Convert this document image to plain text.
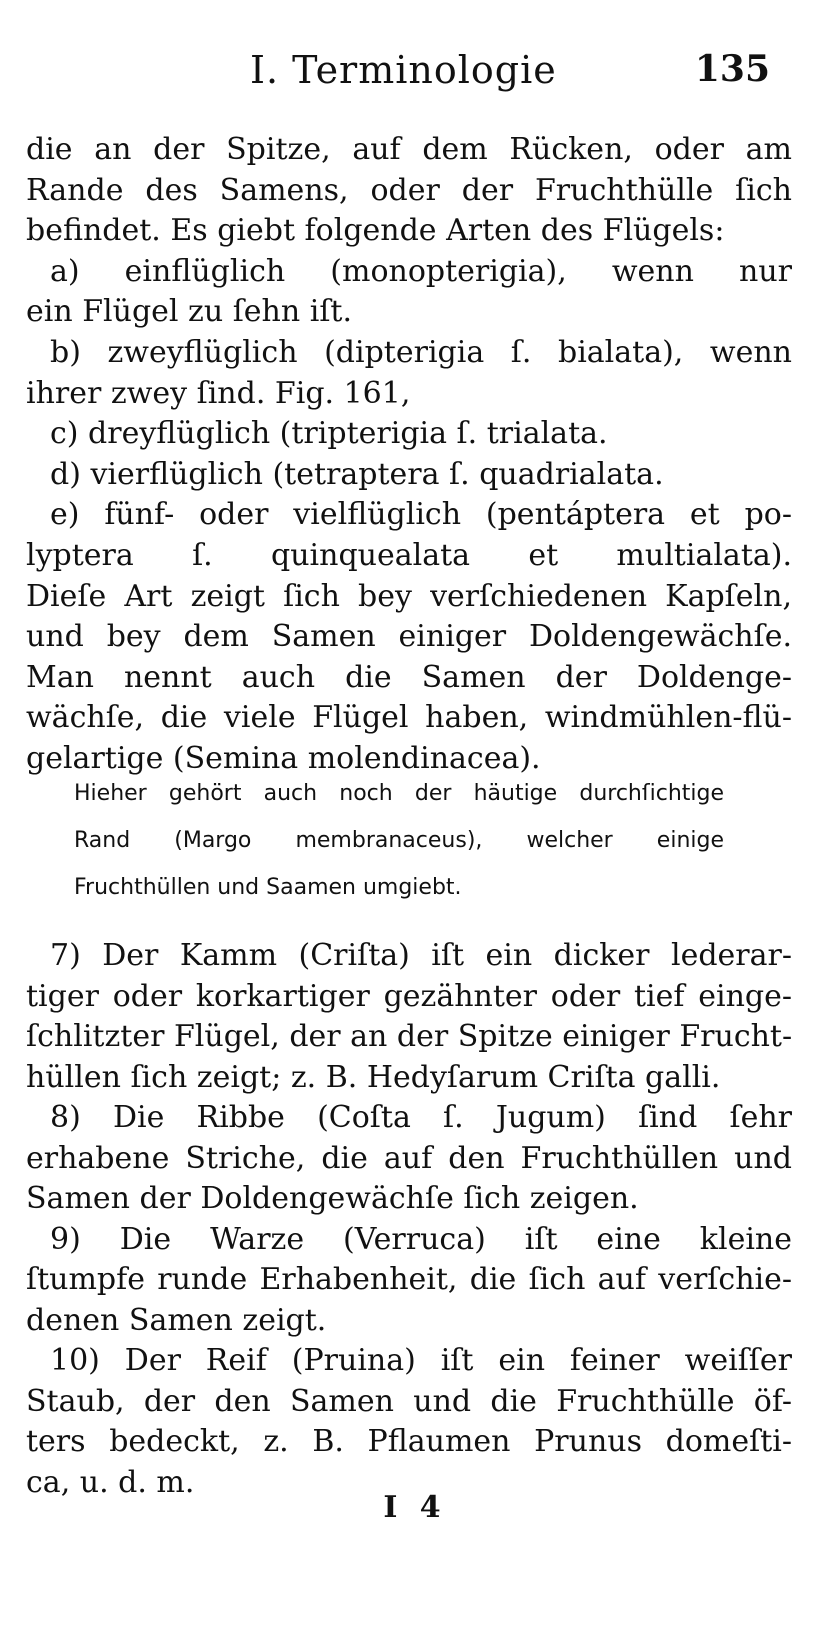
I. Terminologie	135
die an der Spitze, auf dem Rücken, oder am
Rande des Samens, oder der Fruchthülle ſich
befindet. Es giebt folgende Arten des Flügels:
a) einflüglich (monopterigia), wenn nur
ein Flügel zu ſehn iſt.
b) zweyflüglich (dipterigia ſ. bialata), wenn
ihrer zwey ſind. Fig. 161,
c) dreyflüglich (tripterigia ſ. trialata.
d) vierflüglich (tetraptera ſ. quadrialata.
e) fünf- oder vielflüglich (pentáptera et po-
lyptera ſ. quinquealata et multialata).
Dieſe Art zeigt ſich bey verſchiedenen Kapſeln,
und bey dem Samen einiger Doldengewächſe.
Man nennt auch die Samen der Doldenge-
wächſe, die viele Flügel haben, windmühlen-flü-
gelartige (Semina molendinacea).
Hieher gehört auch noch der häutige durchſichtige
Rand (Margo membranaceus), welcher einige
Fruchthüllen und Saamen umgiebt.
7) Der Kamm (Criſta) iſt ein dicker lederar-
tiger oder korkartiger gezähnter oder tief einge-
ſchlitzter Flügel, der an der Spitze einiger Frucht-
hüllen ſich zeigt; z. B. Hedyſarum Criſta galli.
8) Die Ribbe (Coſta ſ. Jugum) ſind ſehr
erhabene Striche, die auf den Fruchthüllen und
Samen der Doldengewächſe ſich zeigen.
9) Die Warze (Verruca) iſt eine kleine
ſtumpfe runde Erhabenheit, die ſich auf verſchie-
denen Samen zeigt.
10) Der Reif (Pruina) iſt ein feiner weiſſer
Staub, der den Samen und die Fruchthülle öf-
ters bedeckt, z. B. Pflaumen Prunus domeſti-
ca, u. d. m.
I 4
